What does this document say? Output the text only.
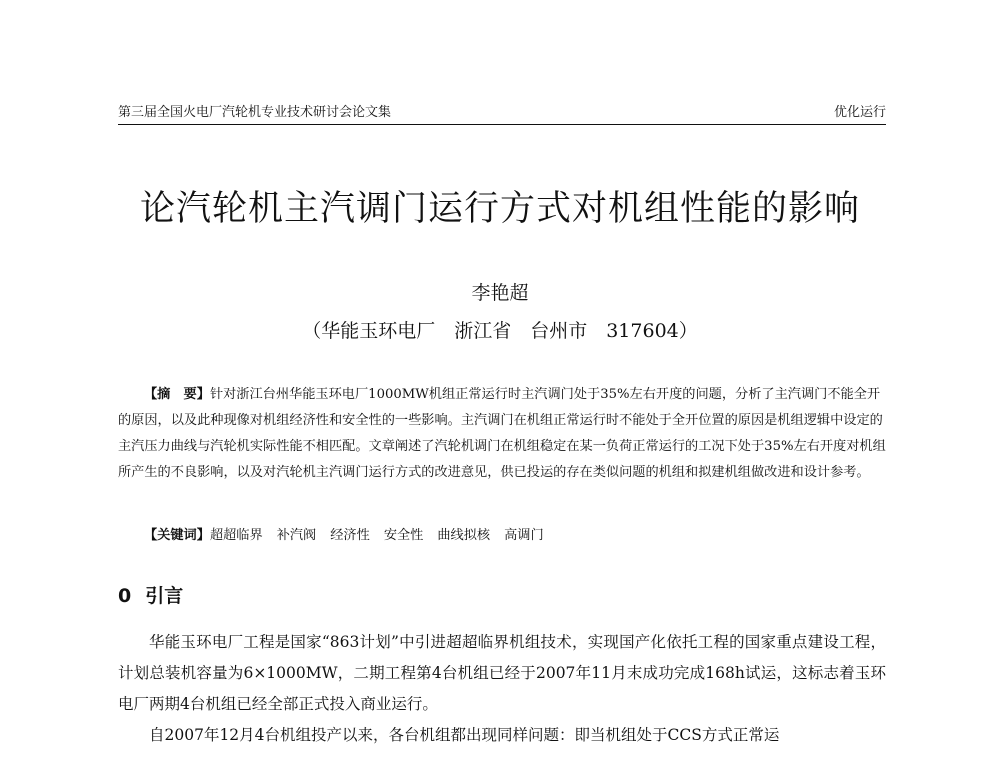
第三届全国火电厂汽轮机专业技术研讨会论文集	优化运行
论汽轮机主汽调门运行方式对机组性能的影响
李艳超
（华能玉环电厂　浙江省　台州市　317604）

【摘　要】针对浙江台州华能玉环电厂1000MW机组正常运行时主汽调门处于35%左右开度的问题，分析了主汽调门不能全开的原因，以及此种现像对机组经济性和安全性的一些影响。主汽调门在机组正常运行时不能处于全开位置的原因是机组逻辑中设定的主汽压力曲线与汽轮机实际性能不相匹配。文章阐述了汽轮机调门在机组稳定在某一负荷正常运行的工况下处于35%左右开度对机组所产生的不良影响，以及对汽轮机主汽调门运行方式的改进意见，供已投运的存在类似问题的机组和拟建机组做改进和设计参考。

【关键词】超超临界 补汽阀 经济性 安全性 曲线拟核 高调门
0 引言

华能玉环电厂工程是国家“863计划”中引进超超临界机组技术，实现国产化依托工程的国家重点建设工程，计划总装机容量为6×1000MW，二期工程第4台机组已经于2007年11月末成功完成168h试运，这标志着玉环电厂两期4台机组已经全部正式投入商业运行。

自2007年12月4台机组投产以来，各台机组都出现同样问题：即当机组处于CCS方式正常运
